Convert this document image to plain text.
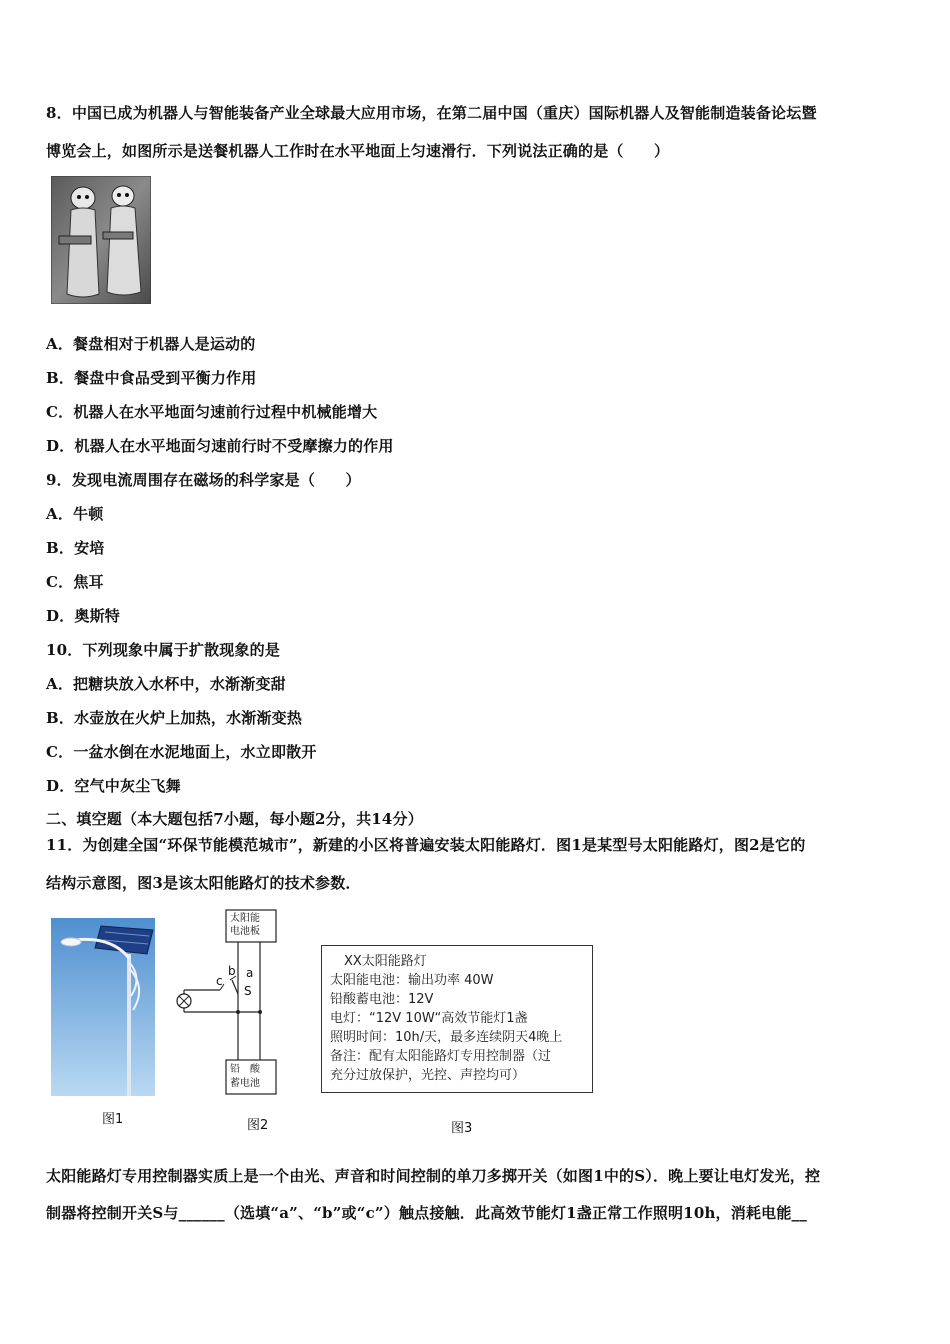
8．中国已成为机器人与智能装备产业全球最大应用市场，在第二届中国（重庆）国际机器人及智能制造装备论坛暨
博览会上，如图所示是送餐机器人工作时在水平地面上匀速滑行．下列说法正确的是（　　）
A．餐盘相对于机器人是运动的
B．餐盘中食品受到平衡力作用
C．机器人在水平地面匀速前行过程中机械能增大
D．机器人在水平地面匀速前行时不受摩擦力的作用
9．发现电流周围存在磁场的科学家是（　　）
A．牛顿
B．安培
C．焦耳
D．奥斯特
10．下列现象中属于扩散现象的是
A．把糖块放入水杯中，水渐渐变甜
B．水壶放在火炉上加热，水渐渐变热
C．一盆水倒在水泥地面上，水立即散开
D．空气中灰尘飞舞
二、填空题（本大题包括7小题，每小题2分，共14分）
11．为创建全国“环保节能模范城市”，新建的小区将普遍安装太阳能路灯．图1是某型号太阳能路灯，图2是它的
结构示意图，图3是该太阳能路灯的技术参数．
图1
太阳能
电池板
铅　酸
蓄电池
c
b a
S
图2
XX太阳能路灯
太阳能电池：输出功率 40W
铅酸蓄电池：12V
电灯：“12V 10W“高效节能灯1盏
照明时间：10h/天，最多连续阴天4晚上
备注：配有太阳能路灯专用控制器（过
充分过放保护，光控、声控均可）
图3
太阳能路灯专用控制器实质上是一个由光、声音和时间控制的单刀多掷开关（如图1中的S）．晚上要让电灯发光，控
制器将控制开关S与______（选填“a”、“b”或“c”）触点接触．此高效节能灯1盏正常工作照明10h，消耗电能__
